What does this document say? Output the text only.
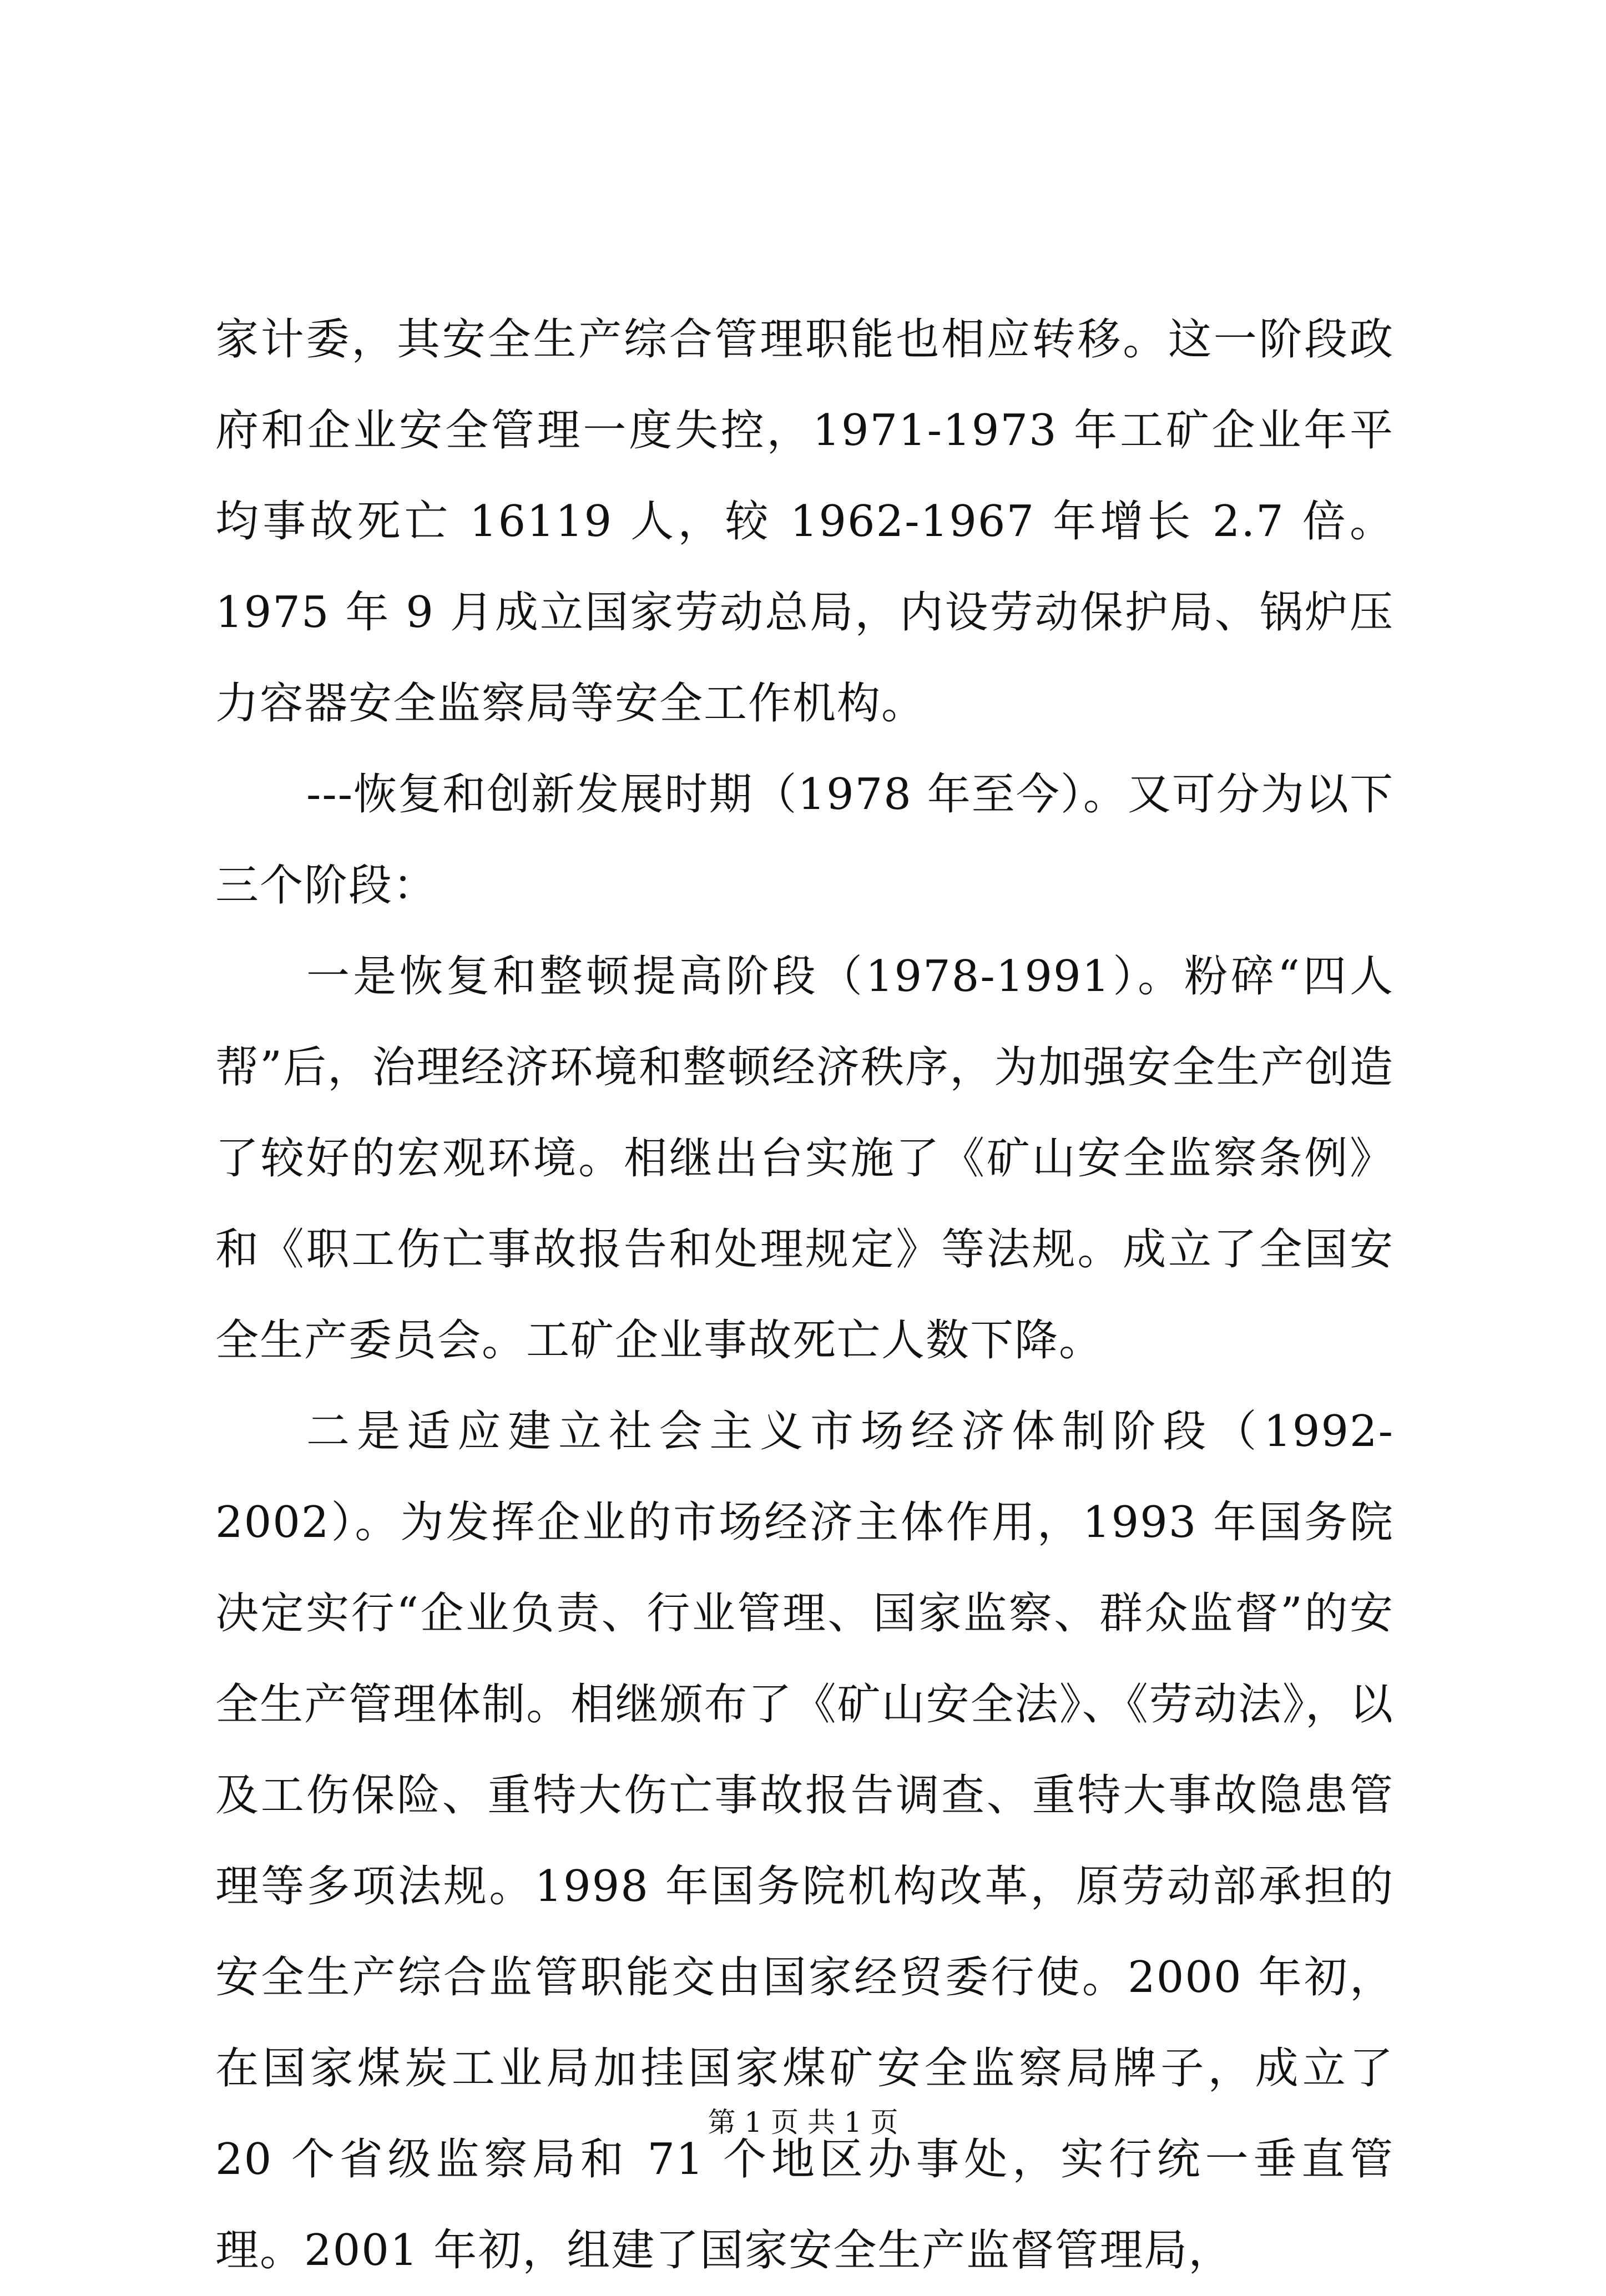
家计委，其安全生产综合管理职能也相应转移。这一阶段政府和企业安全管理一度失控，1971-1973 年工矿企业年平均事故死亡 16119 人，较 1962-1967 年增长 2.7 倍。1975 年 9 月成立国家劳动总局，内设劳动保护局、锅炉压力容器安全监察局等安全工作机构。

---恢复和创新发展时期（1978 年至今）。又可分为以下三个阶段：

一是恢复和整顿提高阶段（1978-1991）。粉碎“四人帮”后，治理经济环境和整顿经济秩序，为加强安全生产创造了较好的宏观环境。相继出台实施了《矿山安全监察条例》和《职工伤亡事故报告和处理规定》等法规。成立了全国安全生产委员会。工矿企业事故死亡人数下降。

二是适应建立社会主义市场经济体制阶段（1992-2002）。为发挥企业的市场经济主体作用，1993 年国务院决定实行“企业负责、行业管理、国家监察、群众监督”的安全生产管理体制。相继颁布了《矿山安全法》、《劳动法》，以及工伤保险、重特大伤亡事故报告调查、重特大事故隐患管理等多项法规。1998 年国务院机构改革，原劳动部承担的安全生产综合监管职能交由国家经贸委行使。2000 年初，在国家煤炭工业局加挂国家煤矿安全监察局牌子，成立了 20 个省级监察局和 71 个地区办事处，实行统一垂直管理。2001 年初，组建了国家安全生产监督管理局，

第 1 页 共 1 页
